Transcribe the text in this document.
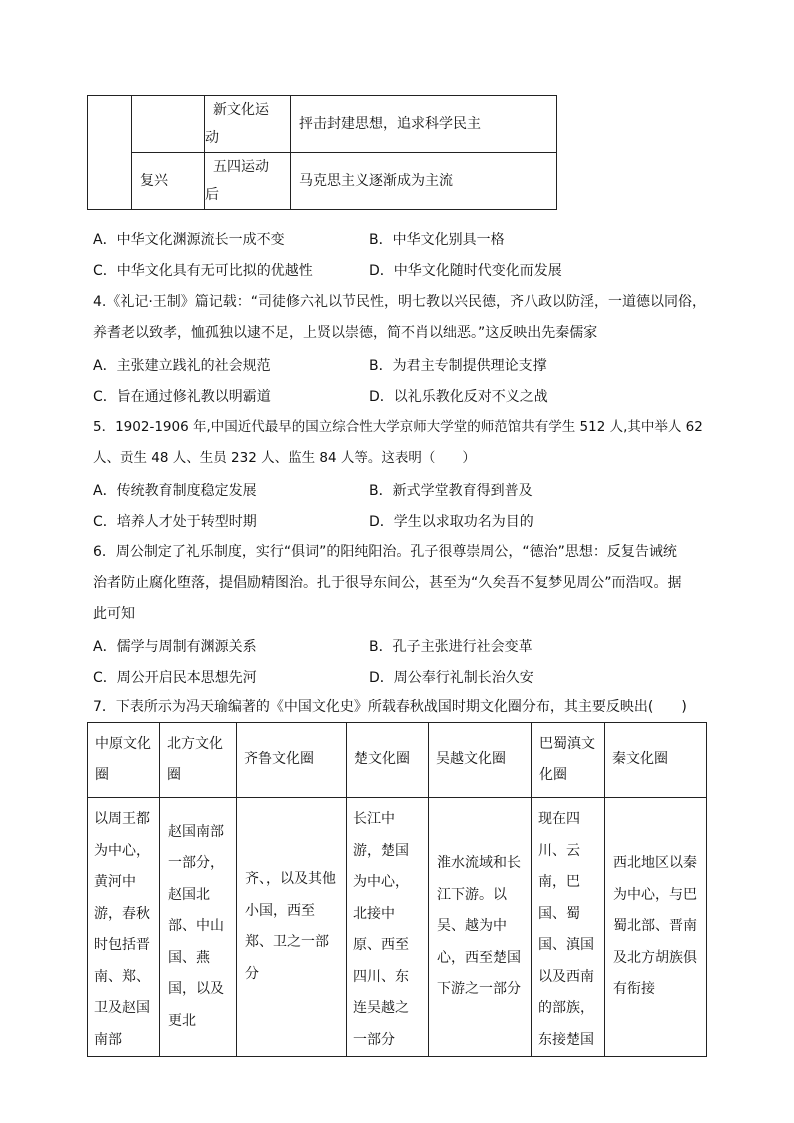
		新文化运动	抨击封建思想，追求科学民主
	复兴	五四运动后	马克思主义逐渐成为主流
A．中华文化渊源流长一成不变	B．中华文化别具一格
C．中华文化具有无可比拟的优越性	D．中华文化随时代变化而发展
4.《礼记·王制》篇记载：“司徒修六礼以节民性，明七教以兴民德，齐八政以防淫，一道德以同俗，
养耆老以致孝，恤孤独以逮不足，上贤以崇德，简不肖以绌恶。”这反映出先秦儒家
A．主张建立践礼的社会规范	B．为君主专制提供理论支撑
C．旨在通过修礼教以明霸道	D．以礼乐教化反对不义之战
5．1902-1906 年,中国近代最早的国立综合性大学京师大学堂的师范馆共有学生 512 人,其中举人 62
人、贡生 48 人、生员 232 人、监生 84 人等。这表明（　　）
A．传统教育制度稳定发展	B．新式学堂教育得到普及
C．培养人才处于转型时期	D．学生以求取功名为目的
6．周公制定了礼乐制度，实行“俱词”的阳纯阳治。孔子很尊崇周公，“德治”思想：反复告诫统
治者防止腐化堕落，提倡励精图治。扎于很导东间公，甚至为“久矣吾不复梦见周公”而浩叹。据
此可知
A．儒学与周制有渊源关系	B．孔子主张进行社会变革
C．周公开启民本思想先河	D．周公奉行礼制长治久安
7．下表所示为冯天瑜编著的《中国文化史》所载春秋战国时期文化圈分布，其主要反映出(　　)
中原文化圈	北方文化圈	齐鲁文化圈	楚文化圈	吴越文化圈	巴蜀滇文化圈	秦文化圈

以周王都为中心，黄河中游，春秋时包括晋南、郑、卫及赵国南部	赵国南部一部分，赵国北部、中山国、燕国，以及更北	齐、，以及其他小国，西至郑、卫之一部分	长江中游，楚国为中心，北接中原、西至四川、东连吴越之一部分	淮水流域和长江下游。以吴、越为中心，西至楚国下游之一部分	现在四川、云南，巴国、蜀国、滇国以及西南的部族，东接楚国	西北地区以秦为中心，与巴蜀北部、晋南及北方胡族俱有衔接
